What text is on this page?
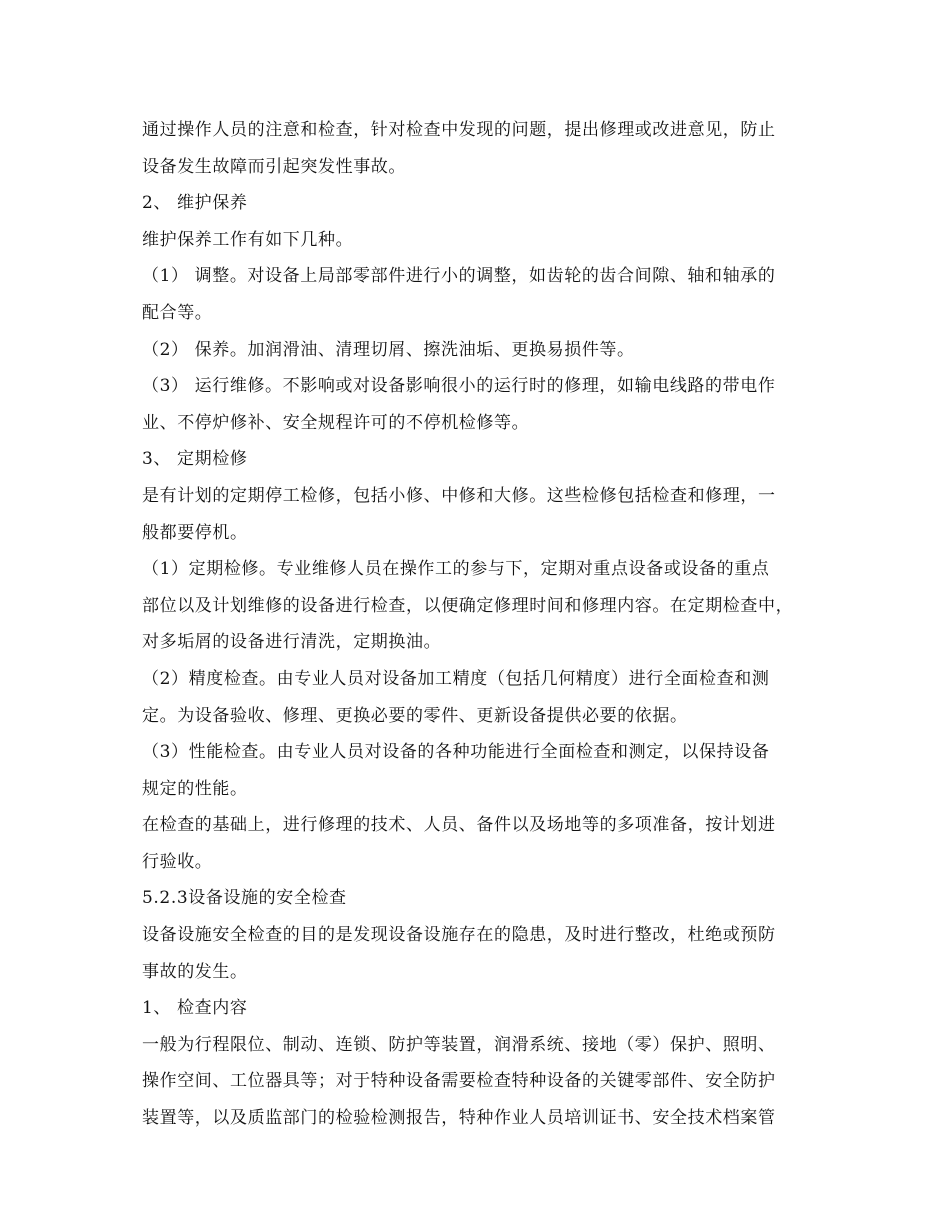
通过操作人员的注意和检查，针对检查中发现的问题，提出修理或改进意见，防止

设备发生故障而引起突发性事故。

2、 维护保养

维护保养工作有如下几种。

（1） 调整。对设备上局部零部件进行小的调整，如齿轮的齿合间隙、轴和轴承的

配合等。

（2） 保养。加润滑油、清理切屑、擦洗油垢、更换易损件等。

（3） 运行维修。不影响或对设备影响很小的运行时的修理，如输电线路的带电作

业、不停炉修补、安全规程许可的不停机检修等。

3、 定期检修

是有计划的定期停工检修，包括小修、中修和大修。这些检修包括检查和修理，一

般都要停机。

（1）定期检修。专业维修人员在操作工的参与下，定期对重点设备或设备的重点

部位以及计划维修的设备进行检查，以便确定修理时间和修理内容。在定期检查中，

对多垢屑的设备进行清洗，定期换油。

（2）精度检查。由专业人员对设备加工精度（包括几何精度）进行全面检查和测

定。为设备验收、修理、更换必要的零件、更新设备提供必要的依据。

（3）性能检查。由专业人员对设备的各种功能进行全面检查和测定，以保持设备

规定的性能。

在检查的基础上，进行修理的技术、人员、备件以及场地等的多项准备，按计划进

行验收。

5.2.3设备设施的安全检查

设备设施安全检查的目的是发现设备设施存在的隐患，及时进行整改，杜绝或预防

事故的发生。

1、 检查内容

一般为行程限位、制动、连锁、防护等装置，润滑系统、接地（零）保护、照明、

操作空间、工位器具等；对于特种设备需要检查特种设备的关键零部件、安全防护

装置等，以及质监部门的检验检测报告，特种作业人员培训证书、安全技术档案管
